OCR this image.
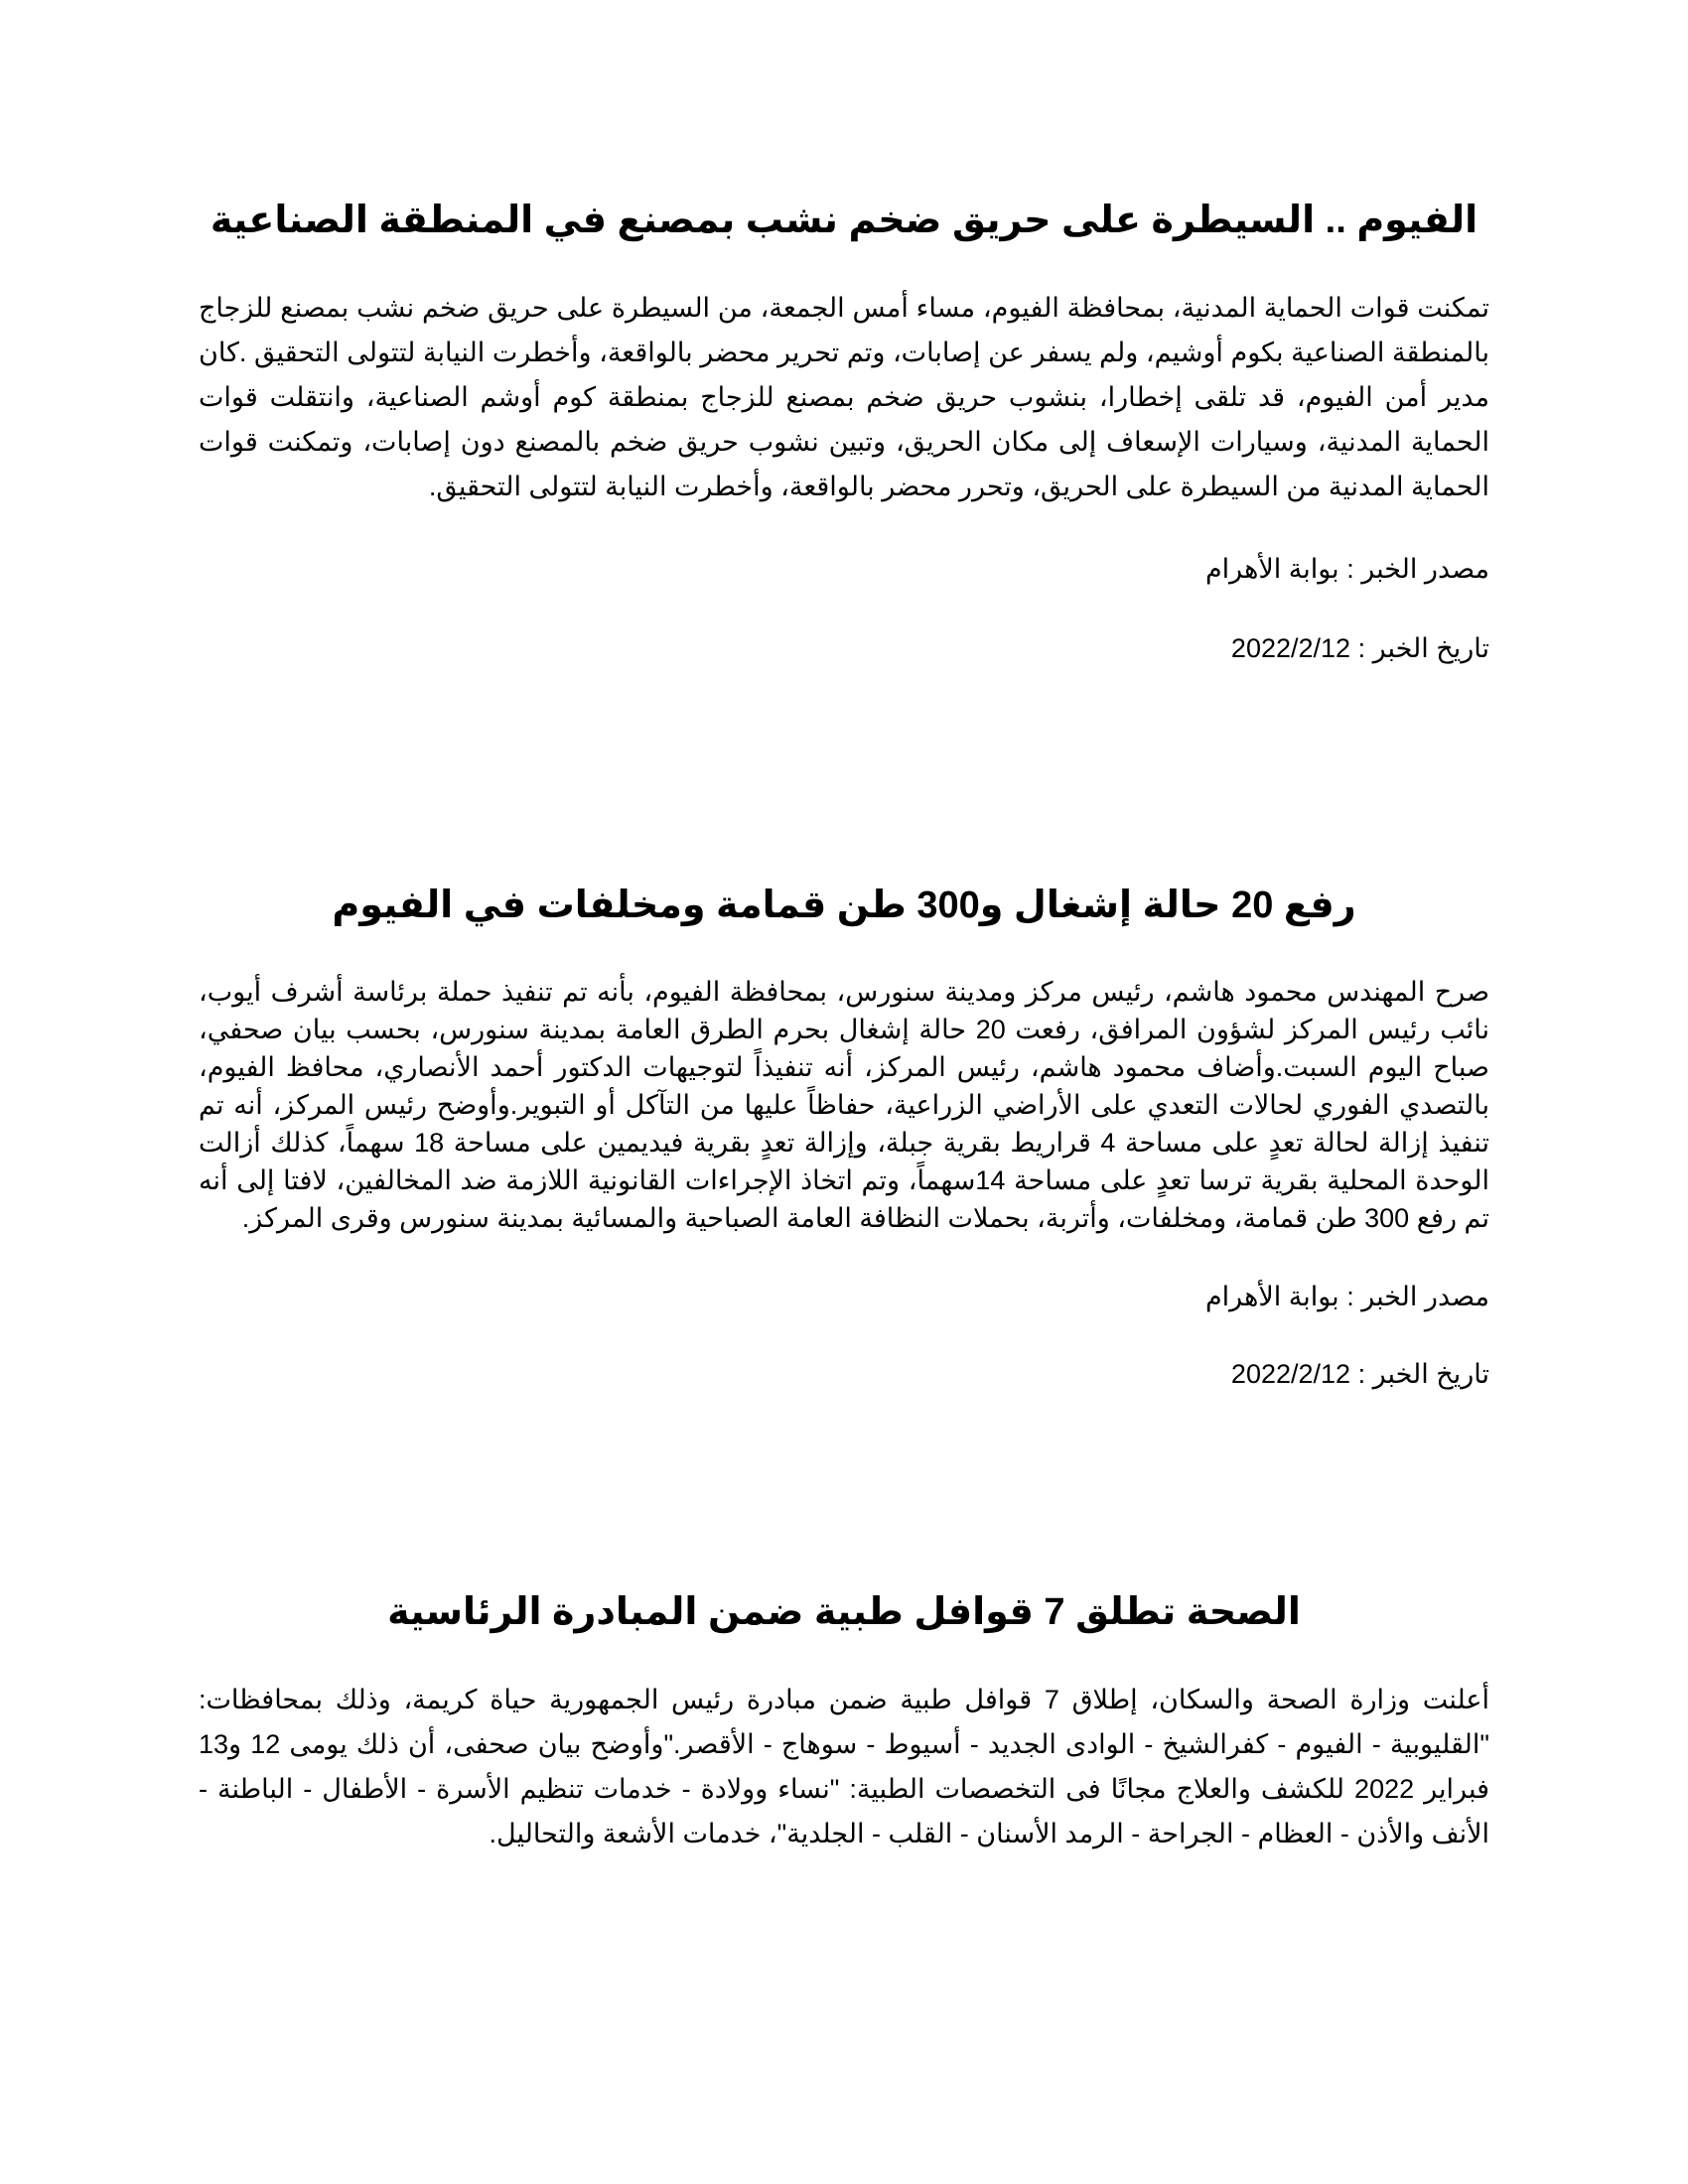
الفيوم .. السيطرة على حريق ضخم نشب بمصنع في المنطقة الصناعية

تمكنت قوات الحماية المدنية، بمحافظة الفيوم، مساء أمس الجمعة، من السيطرة على حريق ضخم نشب بمصنع للزجاج بالمنطقة الصناعية بكوم أوشيم، ولم يسفر عن إصابات، وتم تحرير محضر بالواقعة، وأخطرت النيابة لتتولى التحقيق .كان مدير أمن الفيوم، قد تلقى إخطارا، بنشوب حريق ضخم بمصنع للزجاج بمنطقة كوم أوشم الصناعية، وانتقلت قوات الحماية المدنية، وسيارات الإسعاف إلى مكان الحريق، وتبين نشوب حريق ضخم بالمصنع دون إصابات، وتمكنت قوات الحماية المدنية من السيطرة على الحريق، وتحرر محضر بالواقعة، وأخطرت النيابة لتتولى التحقيق.

مصدر الخبر : بوابة الأهرام

تاريخ الخبر : 2022/2/12

رفع 20 حالة إشغال و300 طن قمامة ومخلفات في الفيوم

صرح المهندس محمود هاشم، رئيس مركز ومدينة سنورس، بمحافظة الفيوم، بأنه تم تنفيذ حملة برئاسة أشرف أيوب، نائب رئيس المركز لشؤون المرافق، رفعت 20 حالة إشغال بحرم الطرق العامة بمدينة سنورس، بحسب بيان صحفي، صباح اليوم السبت.وأضاف محمود هاشم، رئيس المركز، أنه تنفيذاً لتوجيهات الدكتور أحمد الأنصاري، محافظ الفيوم، بالتصدي الفوري لحالات التعدي على الأراضي الزراعية، حفاظاً عليها من التآكل أو التبوير.وأوضح رئيس المركز، أنه تم تنفيذ إزالة لحالة تعدٍ على مساحة 4 قراريط بقرية جبلة، وإزالة تعدٍ بقرية فيديمين على مساحة 18 سهماً، كذلك أزالت الوحدة المحلية بقرية ترسا تعدٍ على مساحة 14سهماً، وتم اتخاذ الإجراءات القانونية اللازمة ضد المخالفين، لافتا إلى أنه تم رفع 300 طن قمامة، ومخلفات، وأتربة، بحملات النظافة العامة الصباحية والمسائية بمدينة سنورس وقرى المركز.

مصدر الخبر : بوابة الأهرام

تاريخ الخبر : 2022/2/12

الصحة تطلق 7 قوافل طبية ضمن المبادرة الرئاسية

أعلنت وزارة الصحة والسكان، إطلاق 7 قوافل طبية ضمن مبادرة رئيس الجمهورية حياة كريمة، وذلك بمحافظات: "القليوبية - الفيوم - كفرالشيخ - الوادى الجديد - أسيوط - سوهاج - الأقصر."وأوضح بيان صحفى، أن ذلك يومى 12 و13 فبراير 2022 للكشف والعلاج مجانًا فى التخصصات الطبية: "نساء وولادة - خدمات تنظيم الأسرة - الأطفال - الباطنة - الأنف والأذن - العظام - الجراحة - الرمد الأسنان - القلب - الجلدية"، خدمات الأشعة والتحاليل.
